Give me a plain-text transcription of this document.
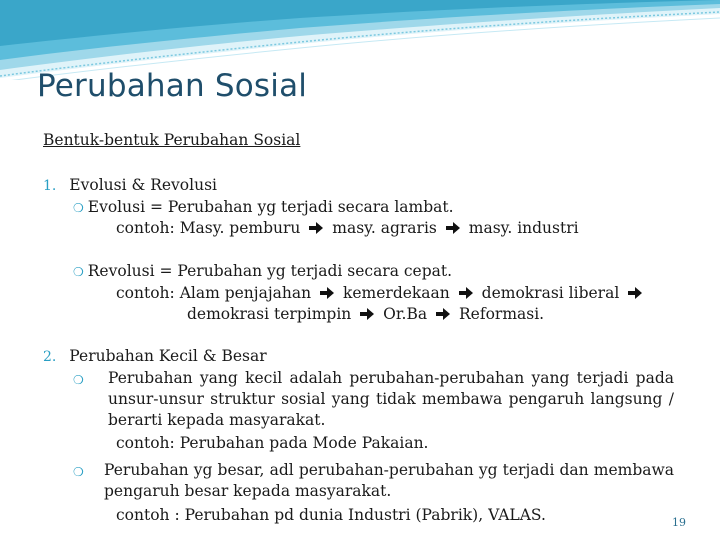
Perubahan Sosial
Bentuk-bentuk Perubahan Sosial
1. Evolusi & Revolusi
❍ Evolusi = Perubahan yg terjadi secara lambat.
contoh: Masy. pemburu masy. agraris masy. industri
❍ Revolusi = Perubahan yg terjadi secara cepat.
contoh: Alam penjajahan kemerdekaan demokrasi liberal
demokrasi terpimpin Or.Ba Reformasi.
2. Perubahan Kecil & Besar
❍ Perubahan yang kecil adalah perubahan-perubahan yang terjadi pada unsur-unsur struktur sosial yang tidak membawa pengaruh langsung / berarti kepada masyarakat.
contoh: Perubahan pada Mode Pakaian.
❍ Perubahan yg besar, adl perubahan-perubahan yg terjadi dan membawa pengaruh besar kepada masyarakat.
contoh : Perubahan pd dunia Industri (Pabrik), VALAS.	19
